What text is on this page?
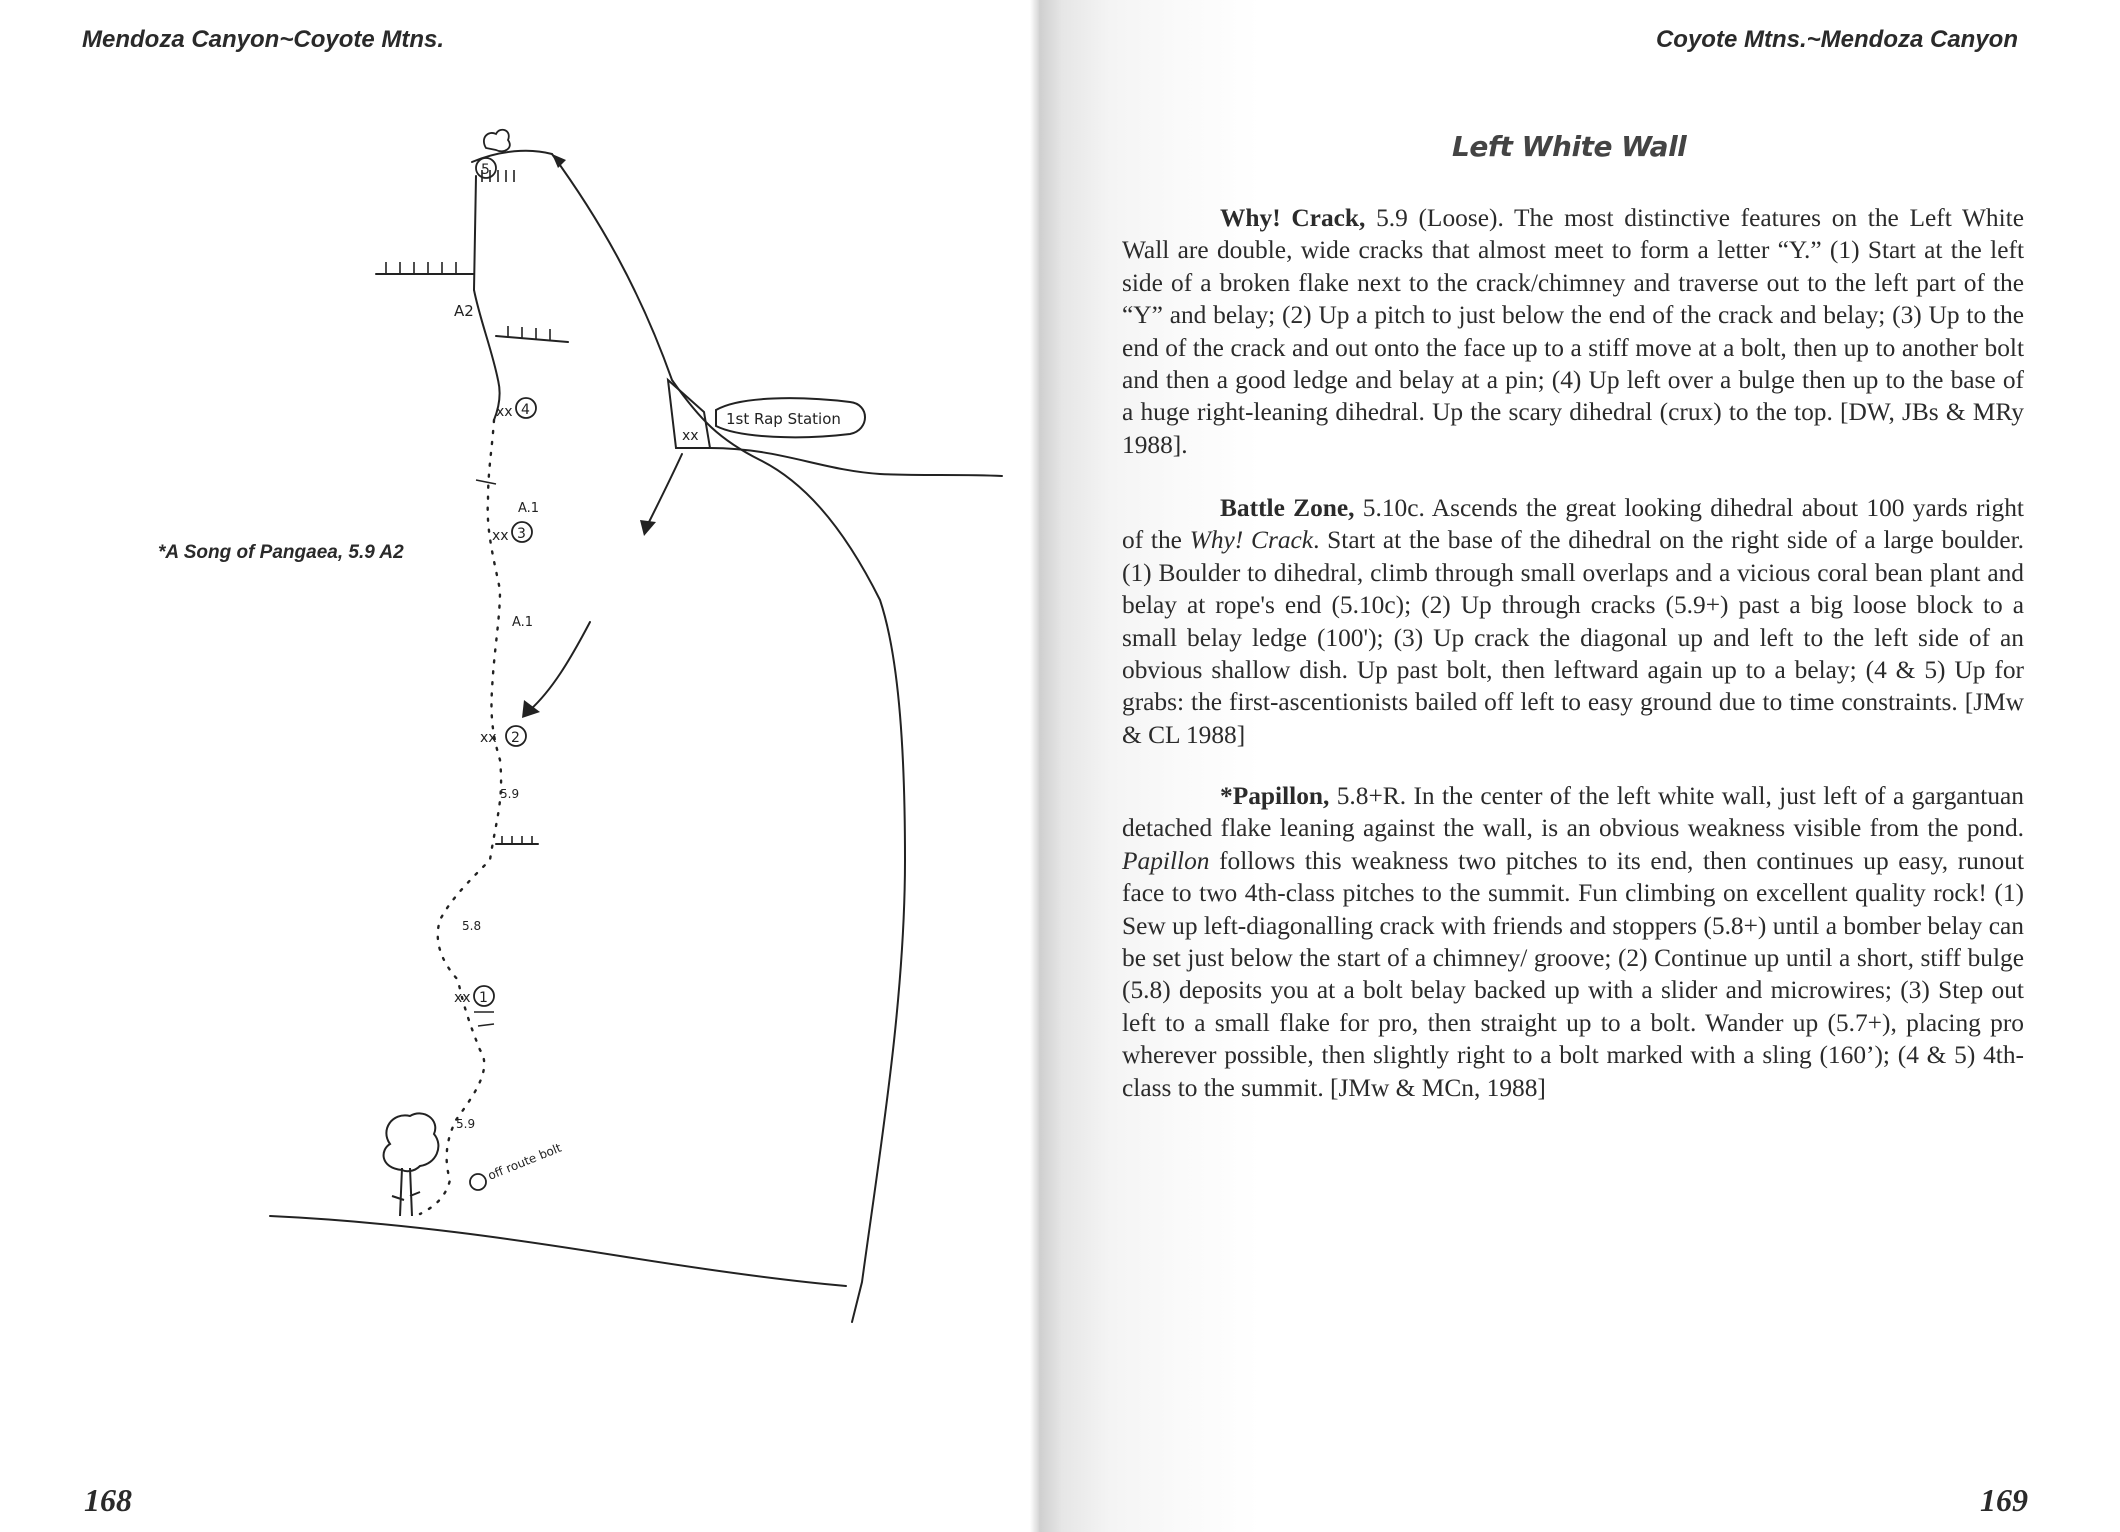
Mendoza Canyon~Coyote Mtns.
5
4
3
2
1
xx
xx
xx
xx
xx
A2
A.1
A.1
5.9
5.8
5.9
1st Rap Station
off route bolt
*A Song of Pangaea, 5.9 A2
168
Coyote Mtns.~Mendoza Canyon
169
Left White Wall

Why! Crack, 5.9 (Loose). The most distinctive features on the Left White Wall are double, wide cracks that almost meet to form a letter “Y.” (1) Start at the left side of a broken flake next to the crack/chimney and traverse out to the left part of the “Y” and belay; (2) Up a pitch to just below the end of the crack and belay; (3) Up to the end of the crack and out onto the face up to a stiff move at a bolt, then up to another bolt and then a good ledge and belay at a pin; (4) Up left over a bulge then up to the base of a huge right-leaning dihedral. Up the scary dihedral (crux) to the top. [DW, JBs & MRy 1988].

Battle Zone, 5.10c. Ascends the great looking dihedral about 100 yards right of the Why! Crack. Start at the base of the dihedral on the right side of a large boulder. (1) Boulder to dihedral, climb through small overlaps and a vicious coral bean plant and belay at rope's end (5.10c); (2) Up through cracks (5.9+) past a big loose block to a small belay ledge (100'); (3) Up crack the diagonal up and left to the left side of an obvious shallow dish. Up past bolt, then leftward again up to a belay; (4 & 5) Up for grabs: the first-ascentionists bailed off left to easy ground due to time constraints. [JMw & CL 1988]

*Papillon, 5.8+R. In the center of the left white wall, just left of a gargantuan detached flake leaning against the wall, is an obvious weakness visible from the pond. Papillon follows this weakness two pitches to its end, then continues up easy, runout face to two 4th-class pitches to the summit. Fun climbing on excellent quality rock! (1) Sew up left-diagonalling crack with friends and stoppers (5.8+) until a bomber belay can be set just below the start of a chimney/ groove; (2) Continue up until a short, stiff bulge (5.8) deposits you at a bolt belay backed up with a slider and microwires; (3) Step out left to a small flake for pro, then straight up to a bolt. Wander up (5.7+), placing pro wherever possible, then slightly right to a bolt marked with a sling (160’); (4 & 5) 4th-class to the summit. [JMw & MCn, 1988]
